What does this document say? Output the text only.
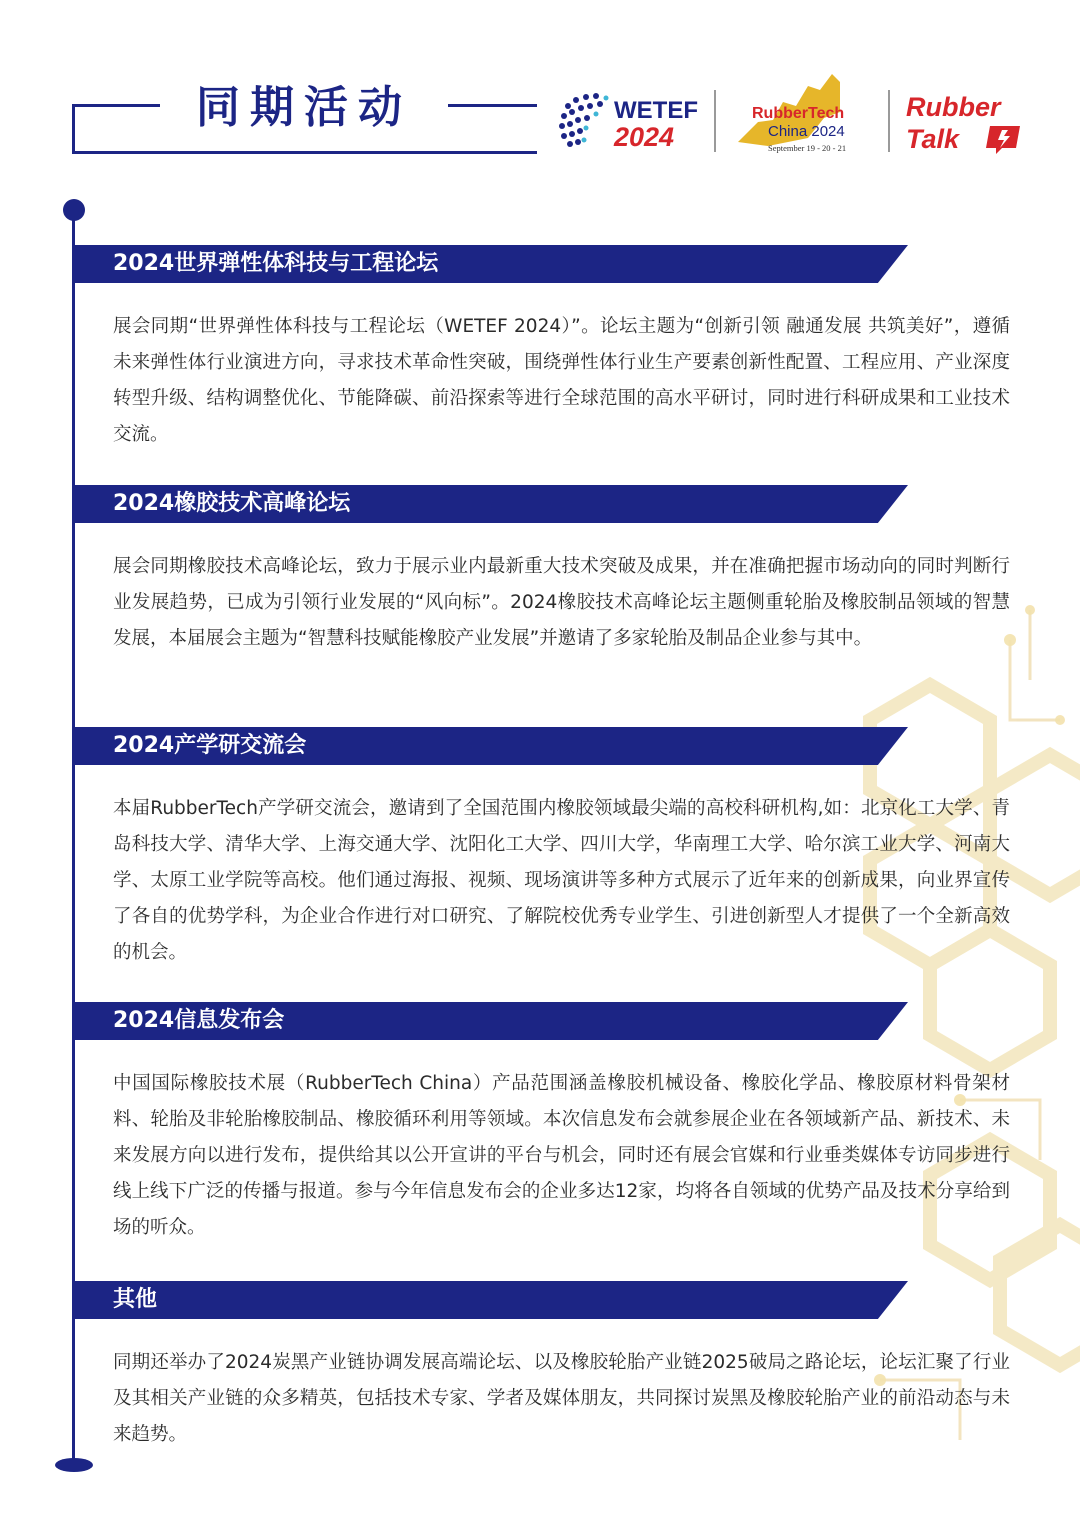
同期活动	WETEF
2024
RubberTech
China 2024
September 19 - 20 - 21
Rubber
Talk
2024世界弹性体科技与工程论坛

展会同期“世界弹性体科技与工程论坛（WETEF 2024）”。论坛主题为“创新引领 融通发展 共筑美好”，遵循未来弹性体行业演进方向，寻求技术革命性突破，围绕弹性体行业生产要素创新性配置、工程应用、产业深度转型升级、结构调整优化、节能降碳、前沿探索等进行全球范围的高水平研讨，同时进行科研成果和工业技术交流。

2024橡胶技术高峰论坛

展会同期橡胶技术高峰论坛，致力于展示业内最新重大技术突破及成果，并在准确把握市场动向的同时判断行业发展趋势，已成为引领行业发展的“风向标”。2024橡胶技术高峰论坛主题侧重轮胎及橡胶制品领域的智慧发展，本届展会主题为“智慧科技赋能橡胶产业发展”并邀请了多家轮胎及制品企业参与其中。

2024产学研交流会

本届RubberTech产学研交流会，邀请到了全国范围内橡胶领域最尖端的高校科研机构,如：北京化工大学、青岛科技大学、清华大学、上海交通大学、沈阳化工大学、四川大学，华南理工大学、哈尔滨工业大学、河南大学、太原工业学院等高校。他们通过海报、视频、现场演讲等多种方式展示了近年来的创新成果，向业界宣传了各自的优势学科，为企业合作进行对口研究、了解院校优秀专业学生、引进创新型人才提供了一个全新高效的机会。

2024信息发布会

中国国际橡胶技术展（RubberTech China）产品范围涵盖橡胶机械设备、橡胶化学品、橡胶原材料骨架材料、轮胎及非轮胎橡胶制品、橡胶循环利用等领域。本次信息发布会就参展企业在各领域新产品、新技术、未来发展方向以进行发布，提供给其以公开宣讲的平台与机会，同时还有展会官媒和行业垂类媒体专访同步进行线上线下广泛的传播与报道。参与今年信息发布会的企业多达12家，均将各自领域的优势产品及技术分享给到场的听众。

其他

同期还举办了2024炭黑产业链协调发展高端论坛、以及橡胶轮胎产业链2025破局之路论坛，论坛汇聚了行业及其相关产业链的众多精英，包括技术专家、学者及媒体朋友，共同探讨炭黑及橡胶轮胎产业的前沿动态与未来趋势。
